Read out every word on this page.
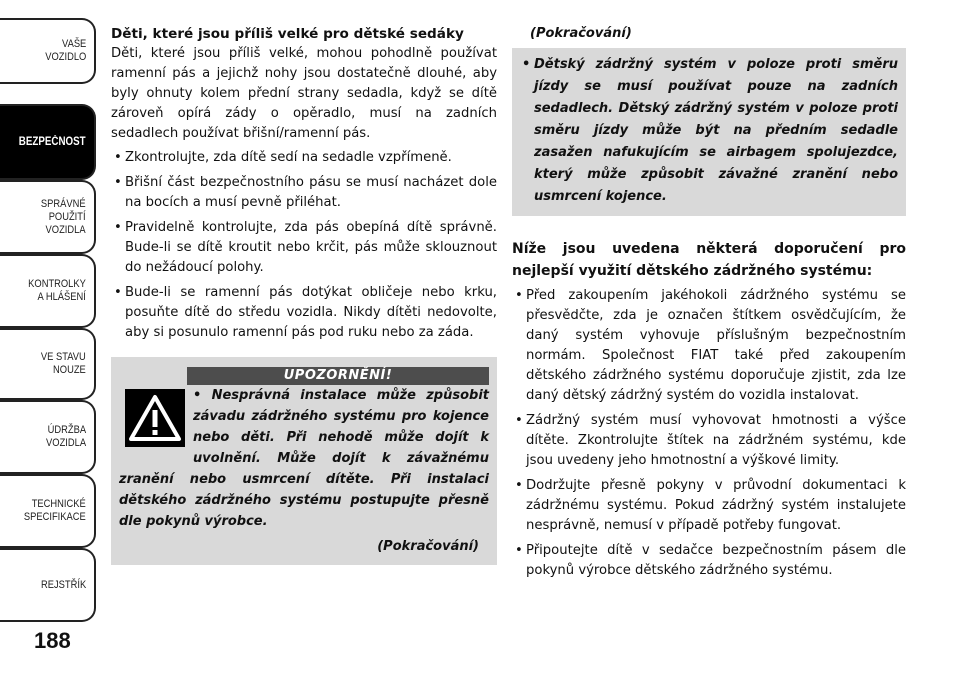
VAŠE
VOZIDLO
BEZPEČNOST
SPRÁVNÉ
POUŽITÍ
VOZIDLA
KONTROLKY
A HLÁŠENÍ
VE STAVU
NOUZE
ÚDRŽBA
VOZIDLA
TECHNICKÉ
SPECIFIKACE
REJSTŘÍK
188
Děti, které jsou příliš velké pro dětské sedáky

Děti, které jsou příliš velké, mohou pohodlně používat ramenní pás a jejichž nohy jsou dostatečně dlouhé, aby byly ohnuty kolem přední strany sedadla, když se dítě zároveň opírá zády o opěradlo, musí na zadních sedadlech používat břišní/ramenní pás.

• Zkontrolujte, zda dítě sedí na sedadle vzpřímeně.
• Břišní část bezpečnostního pásu se musí nacházet dole na bocích a musí pevně přiléhat.
• Pravidelně kontrolujte, zda pás obepíná dítě správně. Bude-li se dítě kroutit nebo krčit, pás může sklouznout do nežádoucí polohy.
• Bude-li se ramenní pás dotýkat obličeje nebo krku, posuňte dítě do středu vozidla. Nikdy dítěti nedovolte, aby si posunulo ramenní pás pod ruku nebo za záda.
UPOZORNĚNÍ!
• Nesprávná instalace může způsobit závadu zádržného systému pro kojence nebo děti. Při nehodě může dojít k uvolnění. Může dojít k závažnému zranění nebo usmrcení dítěte. Při instalaci dětského zádržného systému postupujte přesně dle pokynů výrobce.
(Pokračování)
(Pokračování)
• Dětský zádržný systém v poloze proti směru jízdy se musí používat pouze na zadních sedadlech. Dětský zádržný systém v poloze proti směru jízdy může být na předním sedadle zasažen nafukujícím se airbagem spolujezdce, který může způsobit závažné zranění nebo usmrcení kojence.
Níže jsou uvedena některá doporučení pro nejlepší využití dětského zádržného systému:
• Před zakoupením jakéhokoli zádržného systému se přesvědčte, zda je označen štítkem osvědčujícím, že daný systém vyhovuje příslušným bezpečnostním normám. Společnost FIAT také před zakoupením dětského zádržného systému doporučuje zjistit, zda lze daný dětský zádržný systém do vozidla instalovat.
• Zádržný systém musí vyhovovat hmotnosti a výšce dítěte. Zkontrolujte štítek na zádržném systému, kde jsou uvedeny jeho hmotnostní a výškové limity.
• Dodržujte přesně pokyny v průvodní dokumentaci k zádržnému systému. Pokud zádržný systém instalujete nesprávně, nemusí v případě potřeby fungovat.
• Připoutejte dítě v sedačce bezpečnostním pásem dle pokynů výrobce dětského zádržného systému.
